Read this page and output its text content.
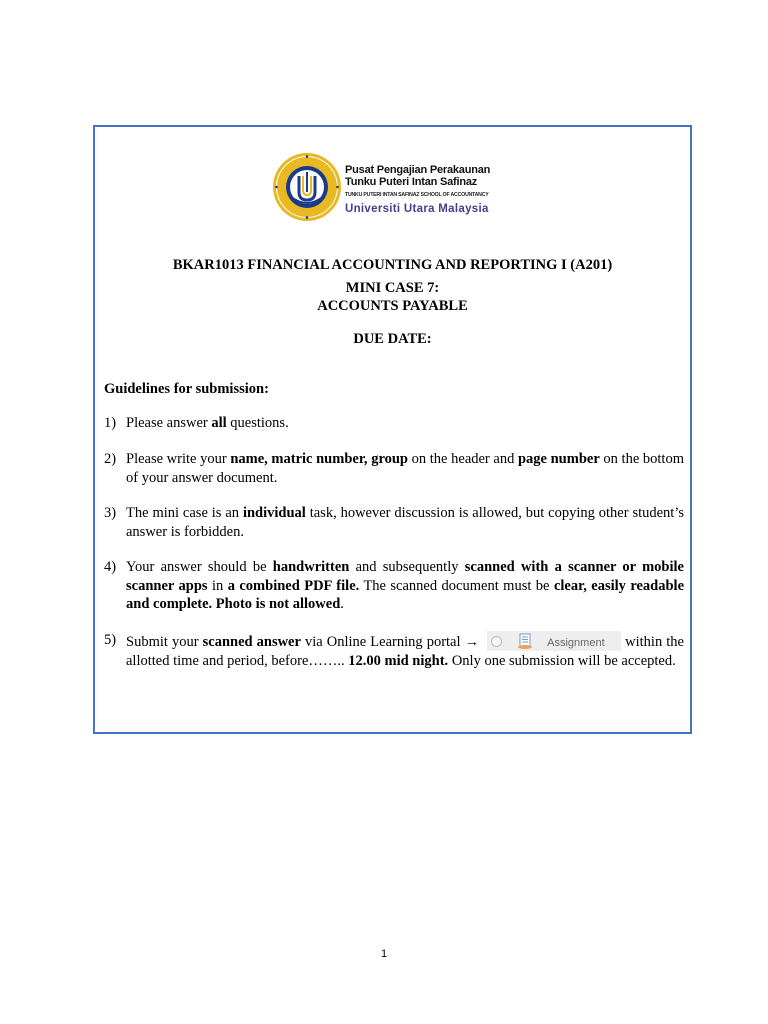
Pusat Pengajian Perakaunan
Tunku Puteri Intan Safinaz
TUNKU PUTERI INTAN SAFINAZ SCHOOL OF ACCOUNTANCY
Universiti Utara Malaysia
BKAR1013 FINANCIAL ACCOUNTING AND REPORTING I (A201)
MINI CASE 7:
ACCOUNTS PAYABLE
DUE DATE:
Guidelines for submission:
1) Please answer all questions.
2) Please write your name, matric number, group on the header and page number on the bottom of your answer document.
3) The mini case is an individual task, however discussion is allowed, but copying other student’s answer is forbidden.
4) Your answer should be handwritten and subsequently scanned with a scanner or mobile scanner apps in a combined PDF file. The scanned document must be clear, easily readable and complete. Photo is not allowed.
5) Submit your scanned answer via Online Learning portal →	Assignment within the allotted time and period, before…….. 12.00 mid night. Only one submission will be accepted.
1
